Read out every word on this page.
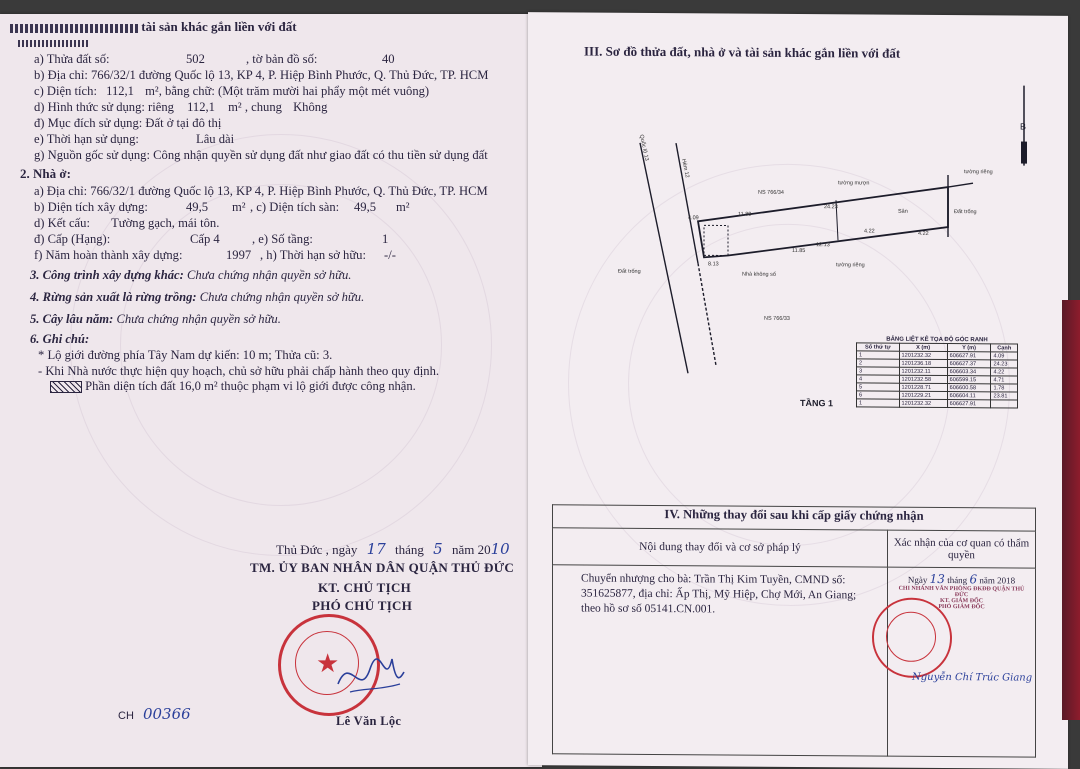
tài sản khác gắn liền với đất
a) Thửa đất số:	502	, tờ bản đồ số:	40
b) Địa chỉ: 766/32/1 đường Quốc lộ 13, KP 4, P. Hiệp Bình Phước, Q. Thủ Đức, TP. HCM
c) Diện tích: 112,1 m², bằng chữ: (Một trăm mười hai phẩy một mét vuông)
d) Hình thức sử dụng: riêng 112,1 m² , chung Không
đ) Mục đích sử dụng: Đất ở tại đô thị
e) Thời hạn sử dụng:	Lâu dài
g) Nguồn gốc sử dụng: Công nhận quyền sử dụng đất như giao đất có thu tiền sử dụng đất
2. Nhà ở:
a) Địa chỉ: 766/32/1 đường Quốc lộ 13, KP 4, P. Hiệp Bình Phước, Q. Thủ Đức, TP. HCM
b) Diện tích xây dựng:	49,5 m² , c) Diện tích sàn: 49,5 m²
d) Kết cấu: Tường gạch, mái tôn.
đ) Cấp (Hạng):	Cấp 4	, e) Số tầng:	1
f) Năm hoàn thành xây dựng:	1997 , h) Thời hạn sở hữu: -/-
3. Công trình xây dựng khác: Chưa chứng nhận quyền sở hữu.
4. Rừng sản xuất là rừng trồng: Chưa chứng nhận quyền sở hữu.
5. Cây lâu năm: Chưa chứng nhận quyền sở hữu.
6. Ghi chú:
* Lộ giới đường phía Tây Nam dự kiến: 10 m; Thửa cũ: 3.
- Khi Nhà nước thực hiện quy hoạch, chủ sở hữu phải chấp hành theo quy định.
Phần diện tích đất 16,0 m² thuộc phạm vi lộ giới được công nhận.
Thủ Đức , ngày 17 tháng 5 năm 2010
TM. ỦY BAN NHÂN DÂN QUẬN THỦ ĐỨC
KT. CHỦ TỊCH
PHÓ CHỦ TỊCH
★
Lê Văn Lộc
CH 00366
III. Sơ đồ thửa đất, nhà ở và tài sản khác gắn liền với đất
B
Quốc lộ 13
Hẻm 12
NS 766/34
tường mượn
tường riêng
Sân	Đất trống
Đất trống	Nhà không số
NS 766/33
tường riêng
TẦNG 1
4.09
24.23
11.80
4.22
12.13
11.85
4.22
8.13
BẢNG LIỆT KÊ TỌA ĐỘ GÓC RANH
Số thứ tự	X (m)	Y (m)	Cạnh
1	1201232.32	606627.91	4.09
2	1201236.18	606627.37	24.23
3	1201232.11	606603.34	4.22
4	1201232.58	606599.15	4.71
5	1201228.71	606600.58	1.78
6	1201229.21	606604.11	23.81
1	1201232.32	606627.91	
IV. Những thay đổi sau khi cấp giấy chứng nhận	
Nội dung thay đổi và cơ sở pháp lý	Xác nhận của cơ quan có thẩm quyền
Chuyển nhượng cho bà: Trần Thị Kim Tuyền, CMND số: 351625877, địa chỉ: Ấp Thị, Mỹ Hiệp, Chợ Mới, An Giang; theo hồ sơ số 05141.CN.001.	Ngày 13 tháng 6 năm 2018
CHI NHÁNH VĂN PHÒNG ĐKĐĐ QUẬN THỦ ĐỨC
KT. GIÁM ĐỐC
PHÓ GIÁM ĐỐC
Nguyễn Chí Trúc Giang
